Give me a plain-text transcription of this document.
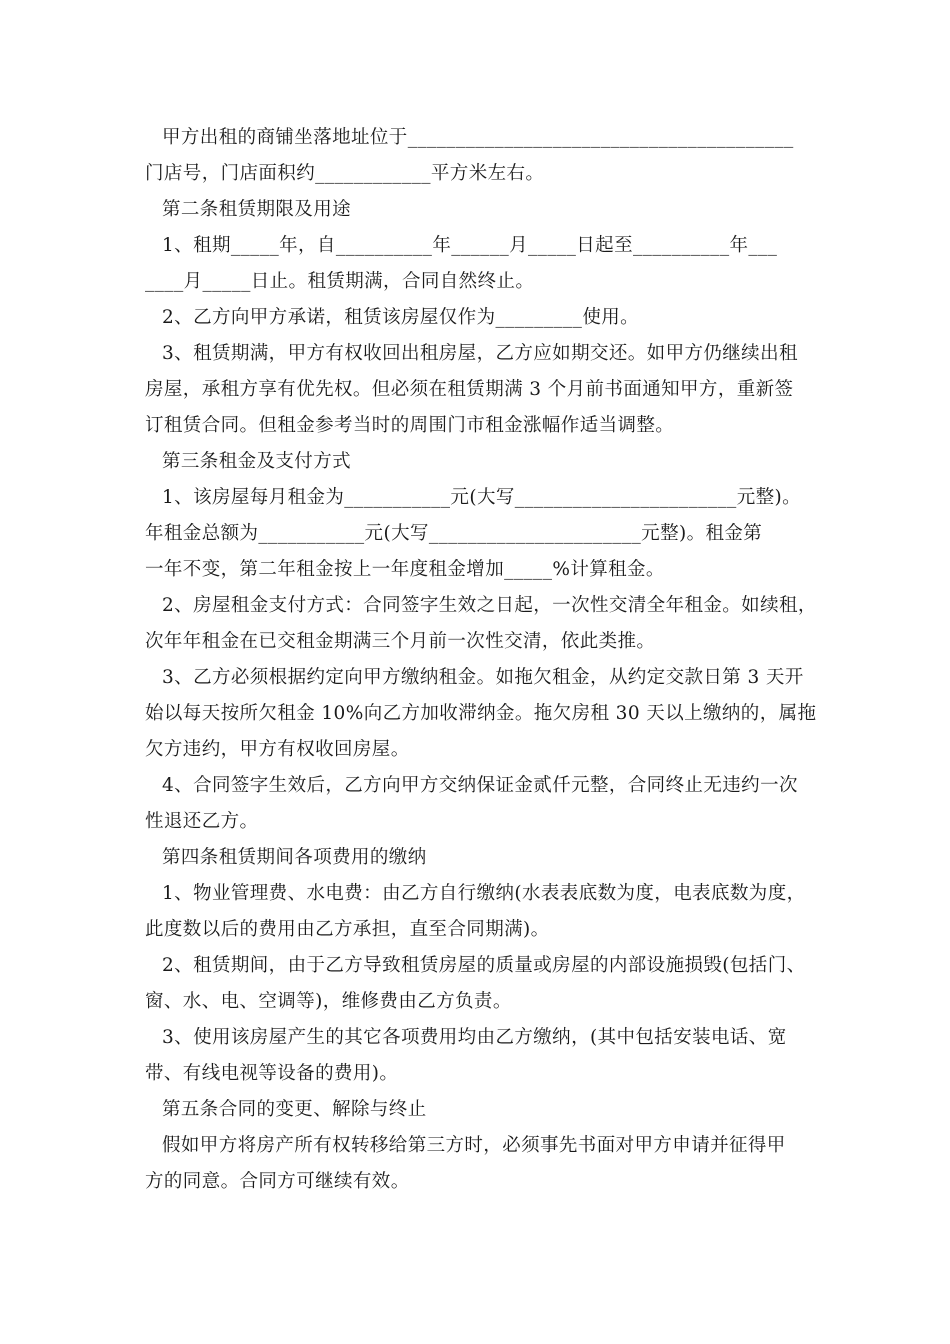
甲方出租的商铺坐落地址位于________________________________________
门店号，门店面积约____________平方米左右。
第二条租赁期限及用途
1、租期_____年，自__________年______月_____日起至__________年___
____月_____日止。租赁期满，合同自然终止。
2、乙方向甲方承诺，租赁该房屋仅作为_________使用。
3、租赁期满，甲方有权收回出租房屋，乙方应如期交还。如甲方仍继续出租
房屋，承租方享有优先权。但必须在租赁期满 3 个月前书面通知甲方，重新签
订租赁合同。但租金参考当时的周围门市租金涨幅作适当调整。
第三条租金及支付方式
1、该房屋每月租金为___________元(大写_______________________元整)。
年租金总额为___________元(大写______________________元整)。租金第
一年不变，第二年租金按上一年度租金增加_____%计算租金。
2、房屋租金支付方式：合同签字生效之日起，一次性交清全年租金。如续租，
次年年租金在已交租金期满三个月前一次性交清，依此类推。
3、乙方必须根据约定向甲方缴纳租金。如拖欠租金，从约定交款日第 3 天开
始以每天按所欠租金 10%向乙方加收滞纳金。拖欠房租 30 天以上缴纳的，属拖
欠方违约，甲方有权收回房屋。
4、合同签字生效后，乙方向甲方交纳保证金贰仟元整，合同终止无违约一次
性退还乙方。
第四条租赁期间各项费用的缴纳
1、物业管理费、水电费：由乙方自行缴纳(水表表底数为度，电表底数为度，
此度数以后的费用由乙方承担，直至合同期满)。
2、租赁期间，由于乙方导致租赁房屋的质量或房屋的内部设施损毁(包括门、
窗、水、电、空调等)，维修费由乙方负责。
3、使用该房屋产生的其它各项费用均由乙方缴纳，(其中包括安装电话、宽
带、有线电视等设备的费用)。
第五条合同的变更、解除与终止
假如甲方将房产所有权转移给第三方时，必须事先书面对甲方申请并征得甲
方的同意。合同方可继续有效。
